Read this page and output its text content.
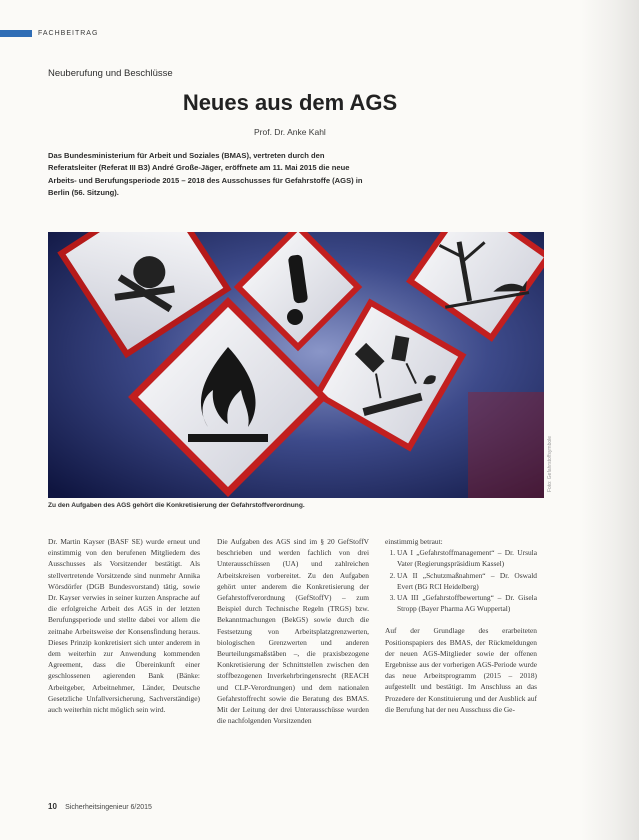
FACHBEITRAG
Neuberufung und Beschlüsse
Neues aus dem AGS
Prof. Dr. Anke Kahl
Das Bundesministerium für Arbeit und Soziales (BMAS), vertreten durch den Referatsleiter (Referat III B3) André Große-Jäger, eröffnete am 11. Mai 2015 die neue Arbeits- und Berufungsperiode 2015 – 2018 des Ausschusses für Gefahrstoffe (AGS) in Berlin (56. Sitzung).
Foto: Gefahrstoffsymbole
Zu den Aufgaben des AGS gehört die Konkretisierung der Gefahrstoffverordnung.

Dr. Martin Kayser (BASF SE) wurde erneut und einstimmig von den berufenen Mitgliedern des Ausschusses als Vorsitzender bestätigt. Als stellvertretende Vorsitzende sind nunmehr Annika Wörsdörfer (DGB Bundesvorstand) tätig, sowie Dr. Kayser verwies in seiner kurzen Ansprache auf die erfolgreiche Arbeit des AGS in der letzten Berufungsperiode und stellte dabei vor allem die zeitnahe Arbeitsweise der Konsensfindung heraus. Dieses Prinzip konkretisiert sich unter anderem in dem weiterhin zur Anwendung kommenden Agreement, dass die Übereinkunft einer geschlossenen agierenden Bank (Bänke: Arbeitgeber, Arbeitnehmer, Länder, Deutsche Gesetzliche Unfallversicherung, Sachverständige) auch weiterhin nicht möglich sein wird.

Die Aufgaben des AGS sind im § 20 GefStoffV beschrieben und werden fachlich von drei Unterausschüssen (UA) und zahlreichen Arbeitskreisen vorbereitet. Zu den Aufgaben gehört unter anderem die Konkretisierung der Gefahrstoffverordnung (GefStoffV) – zum Beispiel durch Technische Regeln (TRGS) bzw. Bekanntmachungen (BekGS) sowie durch die Festsetzung von Arbeitsplatzgrenzwerten, biologischen Grenzwerten und anderen Beurteilungsmaßstäben –, die praxisbezogene Konkretisierung der Schnittstellen zwischen den stoffbezogenen Inverkehrbringensrecht (REACH und CLP-Verordnungen) und dem nationalen Gefahrstoffrecht sowie die Beratung des BMAS. Mit der Leitung der drei Unterausschüsse wurden die nachfolgenden Vorsitzenden

einstimmig betraut:

1. UA I „Gefahrstoffmanagement“ – Dr. Ursula Vater (Regierungspräsidium Kassel)
2. UA II „Schutzmaßnahmen“ – Dr. Oswald Evert (BG RCI Heidelberg)
3. UA III „Gefahrstoffbewertung“ – Dr. Gisela Stropp (Bayer Pharma AG Wuppertal)

Auf der Grundlage des erarbeiteten Positionspapiers des BMAS, der Rückmeldungen der neuen AGS-Mitglieder sowie der offenen Ergebnisse aus der vorherigen AGS-Periode wurde das neue Arbeitsprogramm (2015 – 2018) aufgestellt und bestätigt. Im Anschluss an das Prozedere der Konstituierung und der Ausblick auf die Berufung hat der neu Ausschuss die Ge-

10 Sicherheitsingenieur 6/2015
